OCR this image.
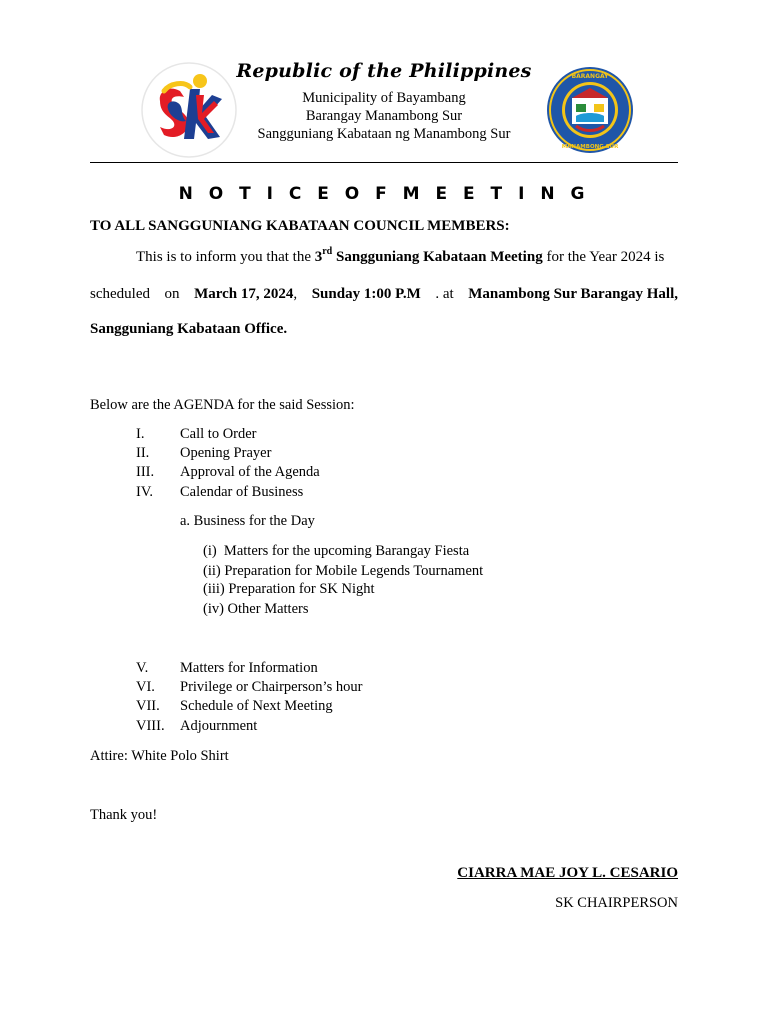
BARANGAY
MANAMBONG SUR
Republic of the Philippines
Municipality of Bayambang
Barangay Manambong Sur
Sangguniang Kabataan ng Manambong Sur
N O T I C E O F M E E T I N G
TO ALL SANGGUNIANG KABATAAN COUNCIL MEMBERS:
This is to inform you that the 3rd Sangguniang Kabataan Meeting for the Year 2024 is
scheduled on March 17, 2024, Sunday 1:00 P.M . at Manambong Sur Barangay Hall,
Sangguniang Kabataan Office.
Below are the AGENDA for the said Session:
I. Call to Order
II. Opening Prayer
III. Approval of the Agenda
IV. Calendar of Business
a. Business for the Day
(i)  Matters for the upcoming Barangay Fiesta
(ii) Preparation for Mobile Legends Tournament
(iii) Preparation for SK Night
(iv) Other Matters
V. Matters for Information
VI. Privilege or Chairperson’s hour
VII. Schedule of Next Meeting
VIII. Adjournment
Attire: White Polo Shirt
Thank you!
CIARRA MAE JOY L. CESARIO
SK CHAIRPERSON
